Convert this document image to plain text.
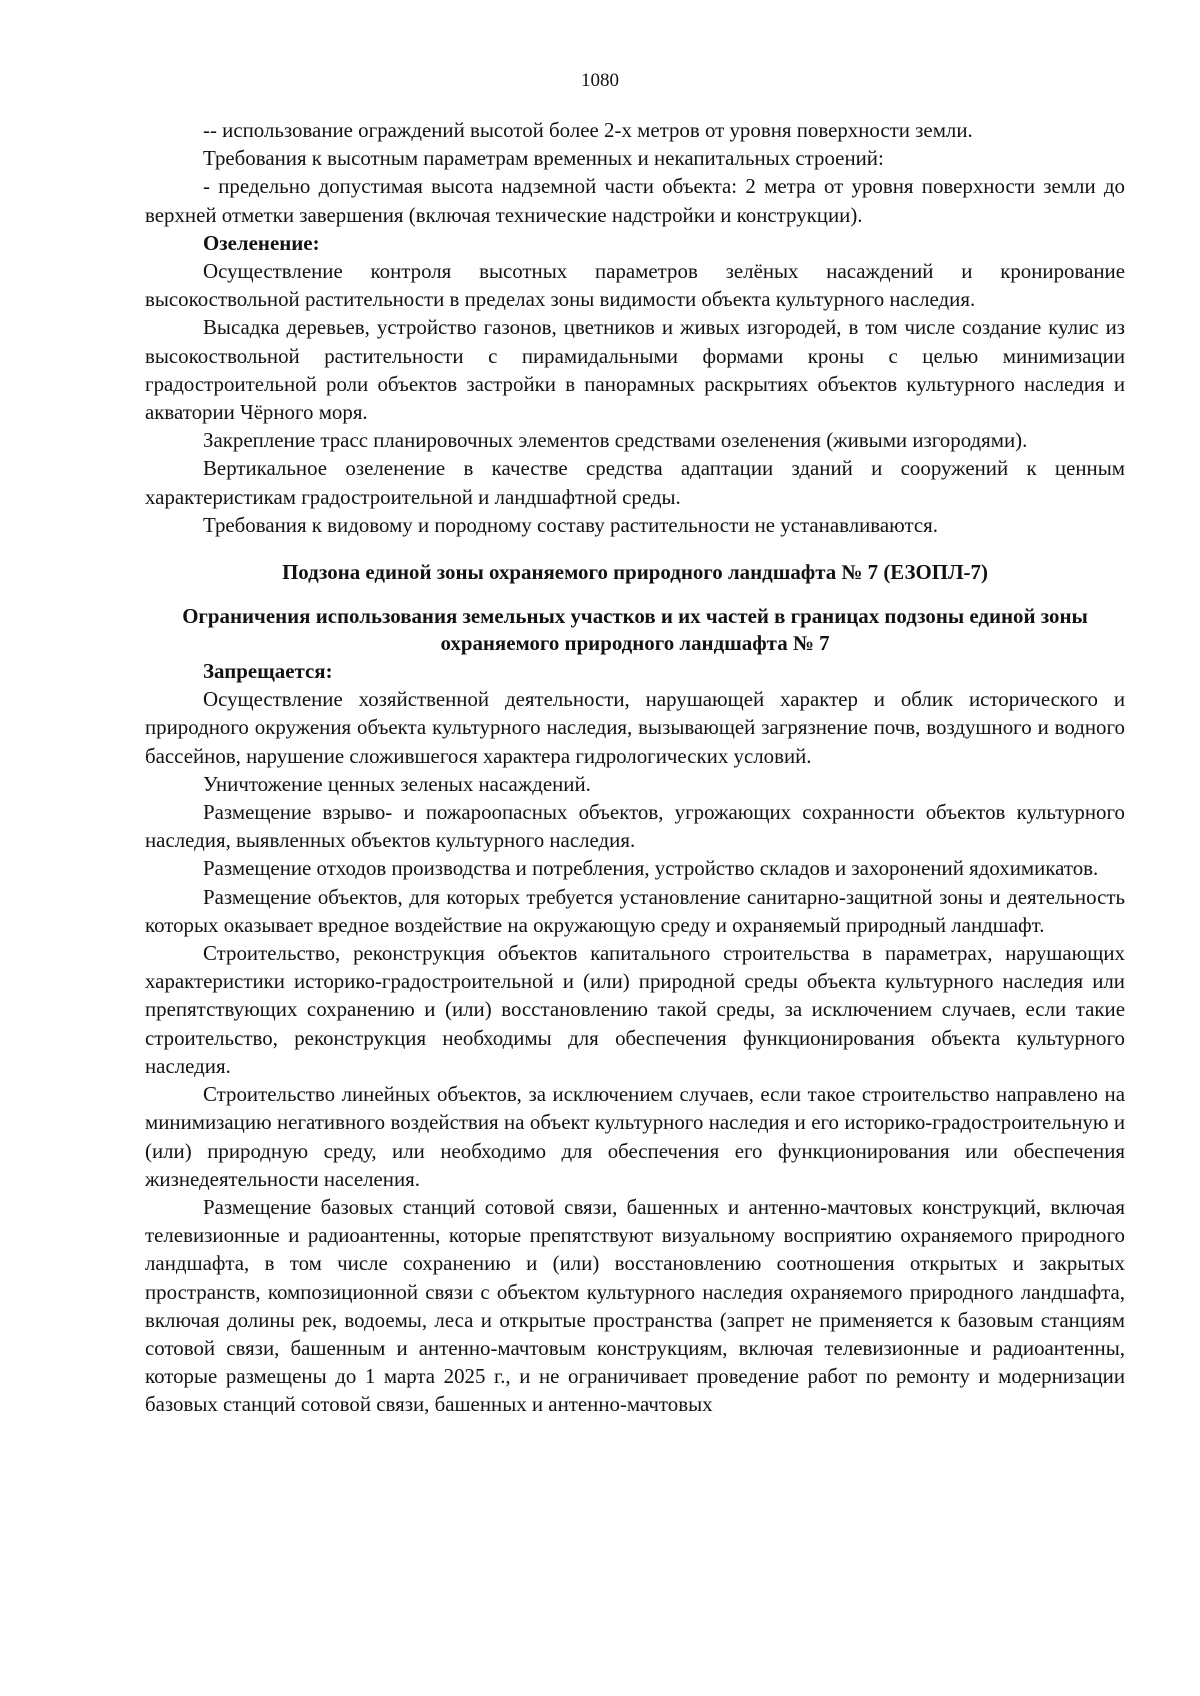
1080

-- использование ограждений высотой более 2-х метров от уровня поверхности земли.

Требования к высотным параметрам временных и некапитальных строений:

- предельно допустимая высота надземной части объекта: 2 метра от уровня поверхности земли до верхней отметки завершения (включая технические надстройки и конструкции).

Озеленение:

Осуществление контроля высотных параметров зелёных насаждений и кронирование высокоствольной растительности в пределах зоны видимости объекта культурного наследия.

Высадка деревьев, устройство газонов, цветников и живых изгородей, в том числе создание кулис из высокоствольной растительности с пирамидальными формами кроны с целью минимизации градостроительной роли объектов застройки в панорамных раскрытиях объектов культурного наследия и акватории Чёрного моря.

Закрепление трасс планировочных элементов средствами озеленения (живыми изгородями).

Вертикальное озеленение в качестве средства адаптации зданий и сооружений к ценным характеристикам градостроительной и ландшафтной среды.

Требования к видовому и породному составу растительности не устанавливаются.

Подзона единой зоны охраняемого природного ландшафта № 7 (ЕЗОПЛ-7)

Ограничения использования земельных участков и их частей в границах подзоны единой зоны охраняемого природного ландшафта № 7

Запрещается:

Осуществление хозяйственной деятельности, нарушающей характер и облик исторического и природного окружения объекта культурного наследия, вызывающей загрязнение почв, воздушного и водного бассейнов, нарушение сложившегося характера гидрологических условий.

Уничтожение ценных зеленых насаждений.

Размещение взрыво- и пожароопасных объектов, угрожающих сохранности объектов культурного наследия, выявленных объектов культурного наследия.

Размещение отходов производства и потребления, устройство складов и захоронений ядохимикатов.

Размещение объектов, для которых требуется установление санитарно-защитной зоны и деятельность которых оказывает вредное воздействие на окружающую среду и охраняемый природный ландшафт.

Строительство, реконструкция объектов капитального строительства в параметрах, нарушающих характеристики историко-градостроительной и (или) природной среды объекта культурного наследия или препятствующих сохранению и (или) восстановлению такой среды, за исключением случаев, если такие строительство, реконструкция необходимы для обеспечения функционирования объекта культурного наследия.

Строительство линейных объектов, за исключением случаев, если такое строительство направлено на минимизацию негативного воздействия на объект культурного наследия и его историко-градостроительную и (или) природную среду, или необходимо для обеспечения его функционирования или обеспечения жизнедеятельности населения.

Размещение базовых станций сотовой связи, башенных и антенно-мачтовых конструкций, включая телевизионные и радиоантенны, которые препятствуют визуальному восприятию охраняемого природного ландшафта, в том числе сохранению и (или) восстановлению соотношения открытых и закрытых пространств, композиционной связи с объектом культурного наследия охраняемого природного ландшафта, включая долины рек, водоемы, леса и открытые пространства (запрет не применяется к базовым станциям сотовой связи, башенным и антенно-мачтовым конструкциям, включая телевизионные и радиоантенны, которые размещены до 1 марта 2025 г., и не ограничивает проведение работ по ремонту и модернизации базовых станций сотовой связи, башенных и антенно-мачтовых
